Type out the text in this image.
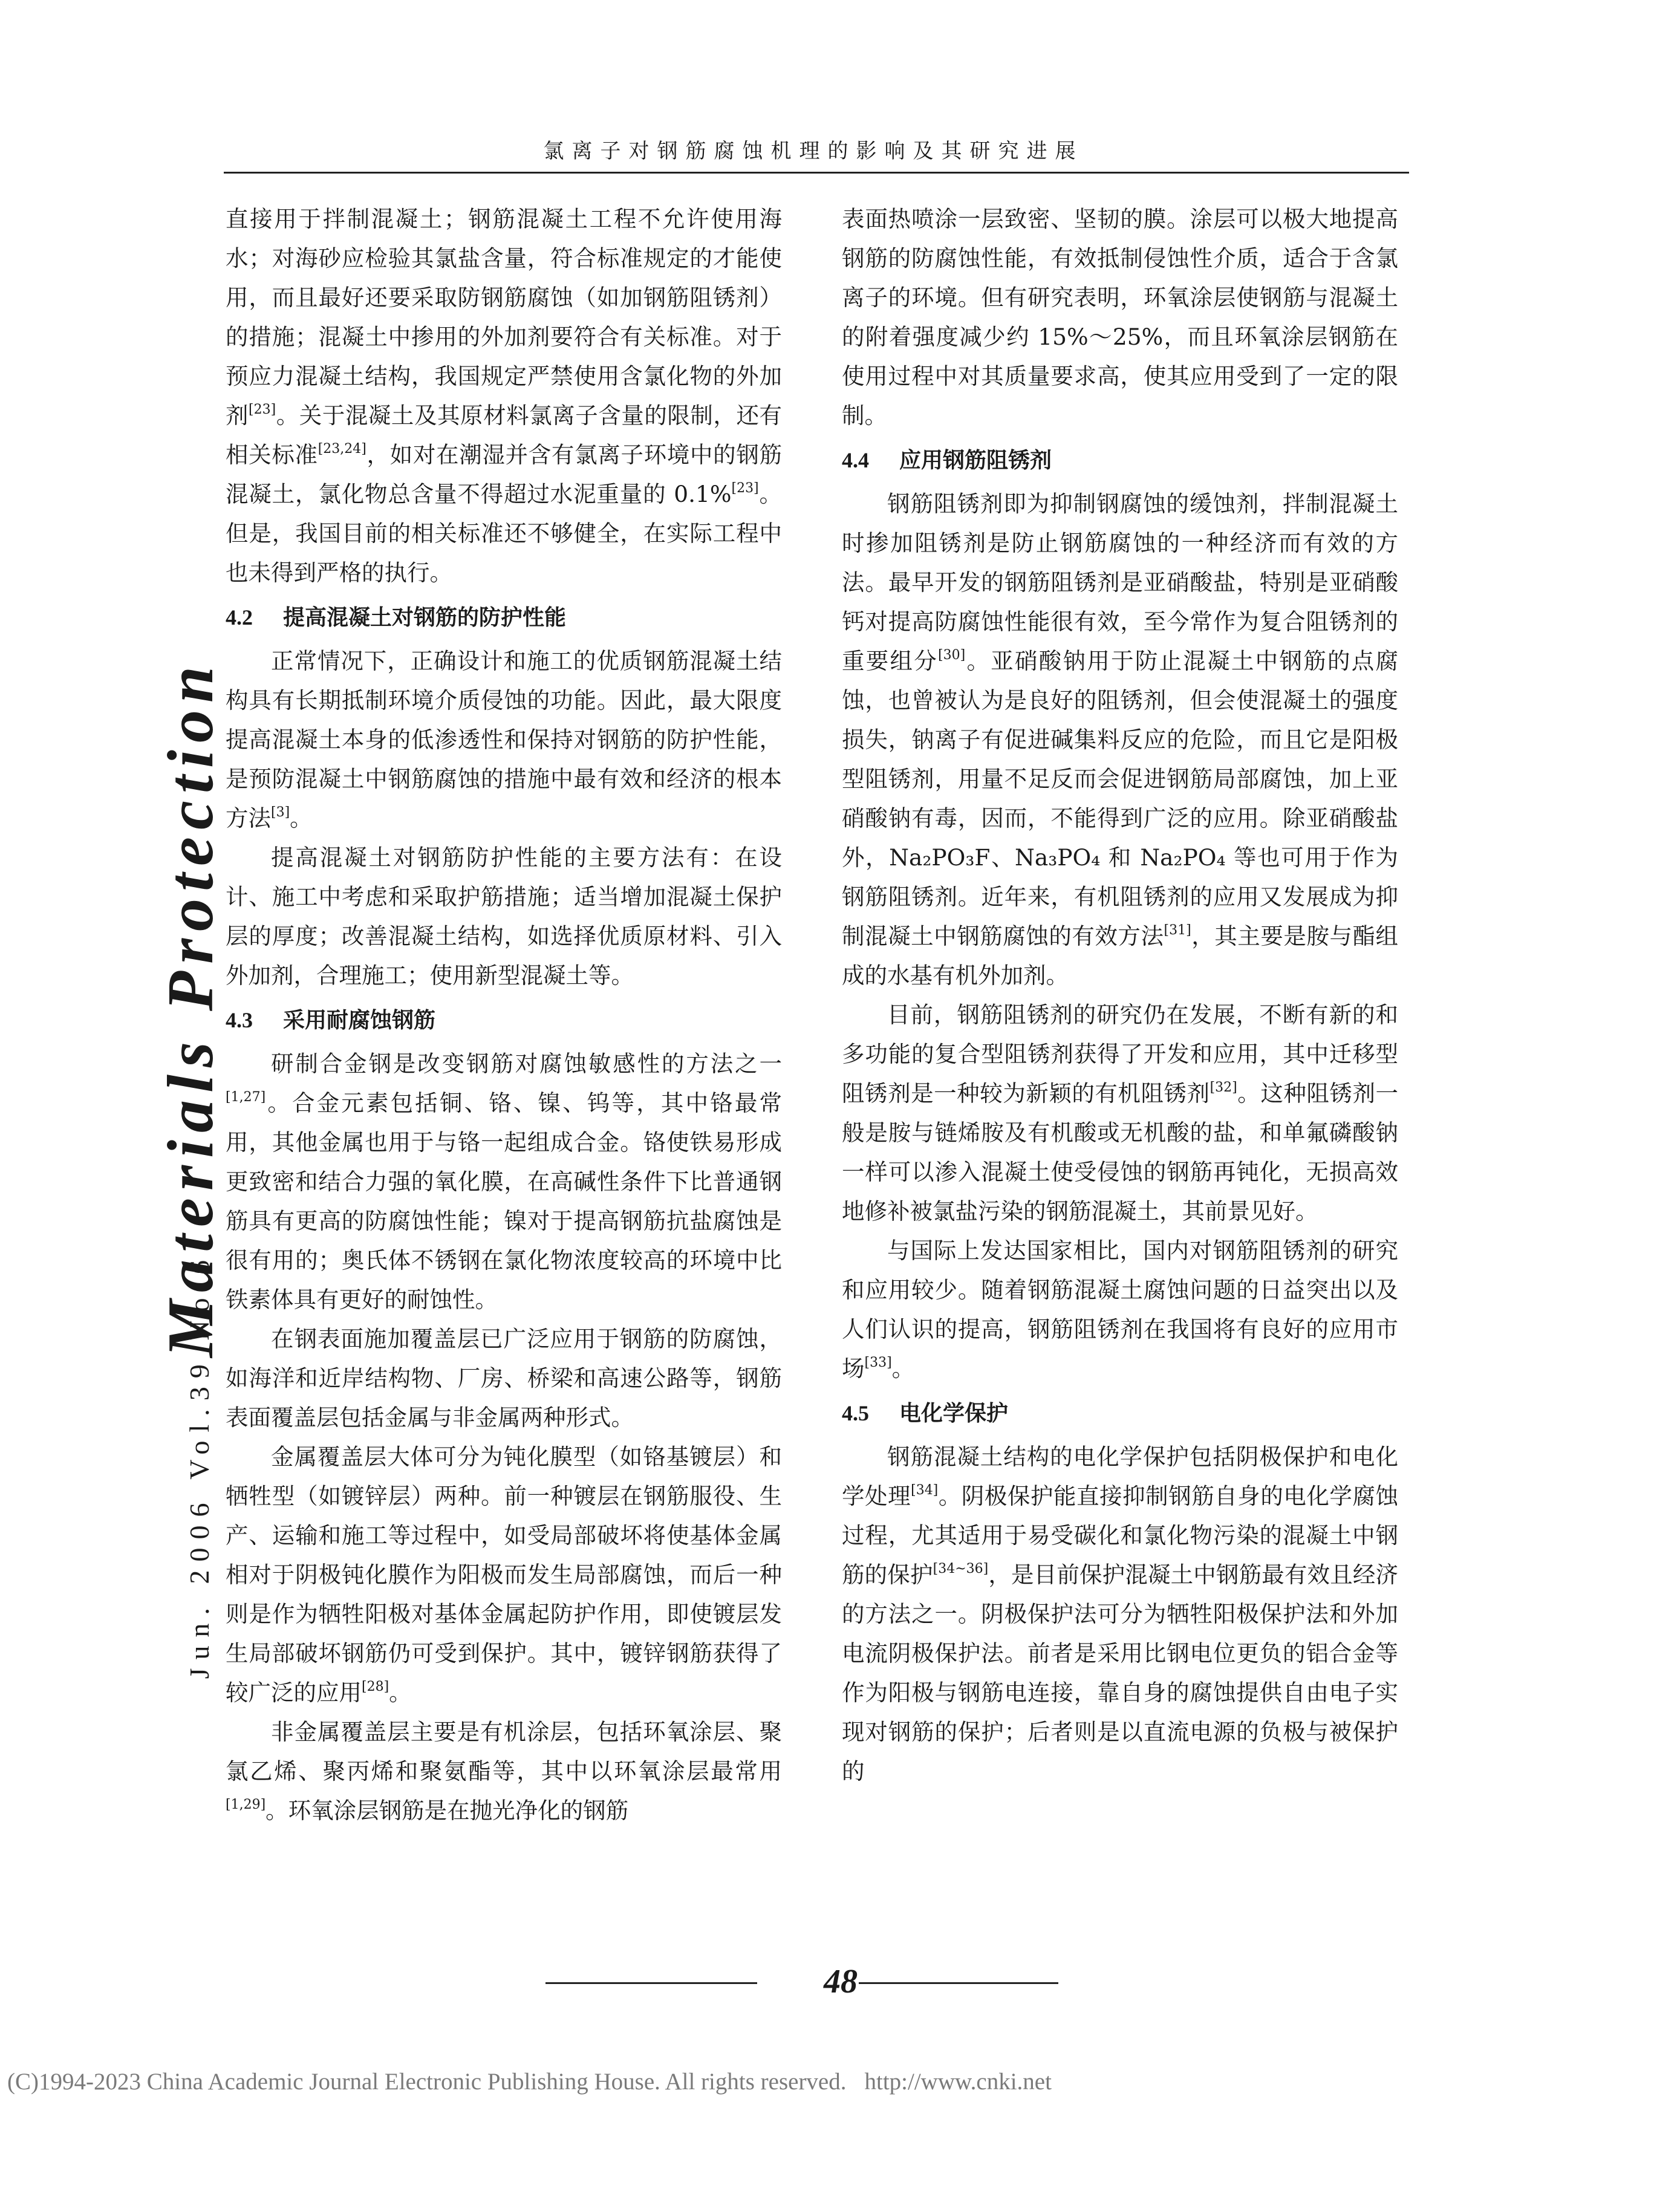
氯离子对钢筋腐蚀机理的影响及其研究进展
Jun. 2006 Vol.39 No.6
Materials Protection

直接用于拌制混凝土；钢筋混凝土工程不允许使用海水；对海砂应检验其氯盐含量，符合标准规定的才能使用，而且最好还要采取防钢筋腐蚀（如加钢筋阻锈剂）的措施；混凝土中掺用的外加剂要符合有关标准。对于预应力混凝土结构，我国规定严禁使用含氯化物的外加剂[23]。关于混凝土及其原材料氯离子含量的限制，还有相关标准[23,24]，如对在潮湿并含有氯离子环境中的钢筋混凝土，氯化物总含量不得超过水泥重量的 0.1%[23]。但是，我国目前的相关标准还不够健全，在实际工程中也未得到严格的执行。

4.2 提高混凝土对钢筋的防护性能

正常情况下，正确设计和施工的优质钢筋混凝土结构具有长期抵制环境介质侵蚀的功能。因此，最大限度提高混凝土本身的低渗透性和保持对钢筋的防护性能，是预防混凝土中钢筋腐蚀的措施中最有效和经济的根本方法[3]。

提高混凝土对钢筋防护性能的主要方法有：在设计、施工中考虑和采取护筋措施；适当增加混凝土保护层的厚度；改善混凝土结构，如选择优质原材料、引入外加剂，合理施工；使用新型混凝土等。

4.3 采用耐腐蚀钢筋

研制合金钢是改变钢筋对腐蚀敏感性的方法之一[1,27]。合金元素包括铜、铬、镍、钨等，其中铬最常用，其他金属也用于与铬一起组成合金。铬使铁易形成更致密和结合力强的氧化膜，在高碱性条件下比普通钢筋具有更高的防腐蚀性能；镍对于提高钢筋抗盐腐蚀是很有用的；奥氏体不锈钢在氯化物浓度较高的环境中比铁素体具有更好的耐蚀性。

在钢表面施加覆盖层已广泛应用于钢筋的防腐蚀，如海洋和近岸结构物、厂房、桥梁和高速公路等，钢筋表面覆盖层包括金属与非金属两种形式。

金属覆盖层大体可分为钝化膜型（如铬基镀层）和牺牲型（如镀锌层）两种。前一种镀层在钢筋服役、生产、运输和施工等过程中，如受局部破坏将使基体金属相对于阴极钝化膜作为阳极而发生局部腐蚀，而后一种则是作为牺牲阳极对基体金属起防护作用，即使镀层发生局部破坏钢筋仍可受到保护。其中，镀锌钢筋获得了较广泛的应用[28]。

非金属覆盖层主要是有机涂层，包括环氧涂层、聚氯乙烯、聚丙烯和聚氨酯等，其中以环氧涂层最常用[1,29]。环氧涂层钢筋是在抛光净化的钢筋

表面热喷涂一层致密、坚韧的膜。涂层可以极大地提高钢筋的防腐蚀性能，有效抵制侵蚀性介质，适合于含氯离子的环境。但有研究表明，环氧涂层使钢筋与混凝土的附着强度减少约 15%～25%，而且环氧涂层钢筋在使用过程中对其质量要求高，使其应用受到了一定的限制。

4.4 应用钢筋阻锈剂

钢筋阻锈剂即为抑制钢腐蚀的缓蚀剂，拌制混凝土时掺加阻锈剂是防止钢筋腐蚀的一种经济而有效的方法。最早开发的钢筋阻锈剂是亚硝酸盐，特别是亚硝酸钙对提高防腐蚀性能很有效，至今常作为复合阻锈剂的重要组分[30]。亚硝酸钠用于防止混凝土中钢筋的点腐蚀，也曾被认为是良好的阻锈剂，但会使混凝土的强度损失，钠离子有促进碱集料反应的危险，而且它是阳极型阻锈剂，用量不足反而会促进钢筋局部腐蚀，加上亚硝酸钠有毒，因而，不能得到广泛的应用。除亚硝酸盐外，Na₂PO₃F、Na₃PO₄ 和 Na₂PO₄ 等也可用于作为钢筋阻锈剂。近年来，有机阻锈剂的应用又发展成为抑制混凝土中钢筋腐蚀的有效方法[31]，其主要是胺与酯组成的水基有机外加剂。

目前，钢筋阻锈剂的研究仍在发展，不断有新的和多功能的复合型阻锈剂获得了开发和应用，其中迁移型阻锈剂是一种较为新颖的有机阻锈剂[32]。这种阻锈剂一般是胺与链烯胺及有机酸或无机酸的盐，和单氟磷酸钠一样可以渗入混凝土使受侵蚀的钢筋再钝化，无损高效地修补被氯盐污染的钢筋混凝土，其前景见好。

与国际上发达国家相比，国内对钢筋阻锈剂的研究和应用较少。随着钢筋混凝土腐蚀问题的日益突出以及人们认识的提高，钢筋阻锈剂在我国将有良好的应用市场[33]。

4.5 电化学保护

钢筋混凝土结构的电化学保护包括阴极保护和电化学处理[34]。阴极保护能直接抑制钢筋自身的电化学腐蚀过程，尤其适用于易受碳化和氯化物污染的混凝土中钢筋的保护[34~36]，是目前保护混凝土中钢筋最有效且经济的方法之一。阴极保护法可分为牺牲阳极保护法和外加电流阴极保护法。前者是采用比钢电位更负的铝合金等作为阳极与钢筋电连接，靠自身的腐蚀提供自由电子实现对钢筋的保护；后者则是以直流电源的负极与被保护的

48
(C)1994-2023 China Academic Journal Electronic Publishing House. All rights reserved. http://www.cnki.net
